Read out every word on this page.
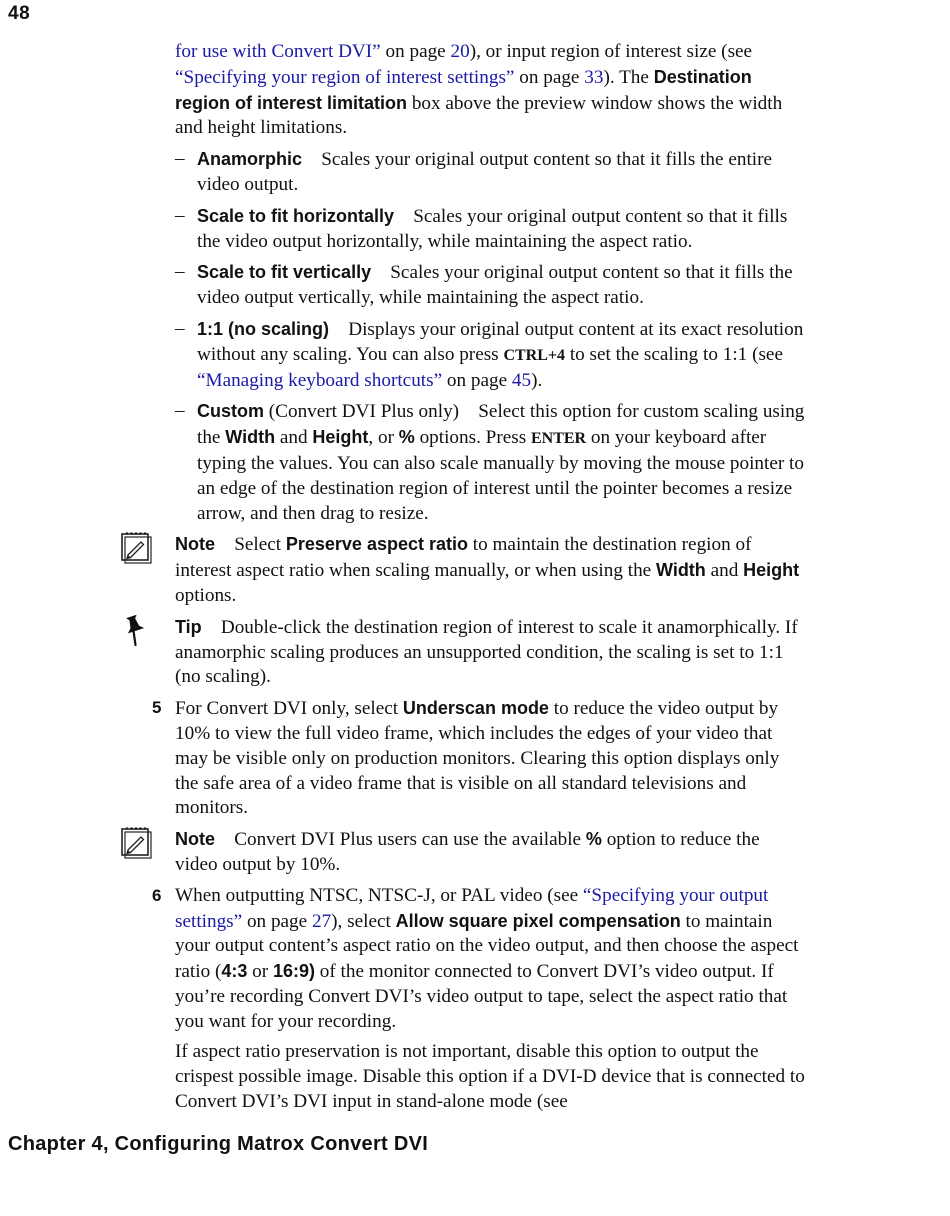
48

for use with Convert DVI” on page 20), or input region of interest size (see “Specifying your region of interest settings” on page 33). The Destination region of interest limitation box above the preview window shows the width and height limitations.

– Anamorphic Scales your original output content so that it fills the entire video output.
– Scale to fit horizontally Scales your original output content so that it fills the video output horizontally, while maintaining the aspect ratio.
– Scale to fit vertically Scales your original output content so that it fills the video output vertically, while maintaining the aspect ratio.
– 1:1 (no scaling) Displays your original output content at its exact resolution without any scaling. You can also press CTRL+4 to set the scaling to 1:1 (see “Managing keyboard shortcuts” on page 45).
– Custom (Convert DVI Plus only) Select this option for custom scaling using the Width and Height, or % options. Press ENTER on your keyboard after typing the values. You can also scale manually by moving the mouse pointer to an edge of the destination region of interest until the pointer becomes a resize arrow, and then drag to resize.

Note Select Preserve aspect ratio to maintain the destination region of interest aspect ratio when scaling manually, or when using the Width and Height options.

Tip Double-click the destination region of interest to scale it anamorphically. If anamorphic scaling produces an unsupported condition, the scaling is set to 1:1 (no scaling).

5 For Convert DVI only, select Underscan mode to reduce the video output by 10% to view the full video frame, which includes the edges of your video that may be visible only on production monitors. Clearing this option displays only the safe area of a video frame that is visible on all standard televisions and monitors.

Note Convert DVI Plus users can use the available % option to reduce the video output by 10%.

6 When outputting NTSC, NTSC-J, or PAL video (see “Specifying your output settings” on page 27), select Allow square pixel compensation to maintain your output content’s aspect ratio on the video output, and then choose the aspect ratio (4:3 or 16:9) of the monitor connected to Convert DVI’s video output. If you’re recording Convert DVI’s video output to tape, select the aspect ratio that you want for your recording.

If aspect ratio preservation is not important, disable this option to output the crispest possible image. Disable this option if a DVI-D device that is connected to Convert DVI’s DVI input in stand-alone mode (see

Chapter 4, Configuring Matrox Convert DVI
